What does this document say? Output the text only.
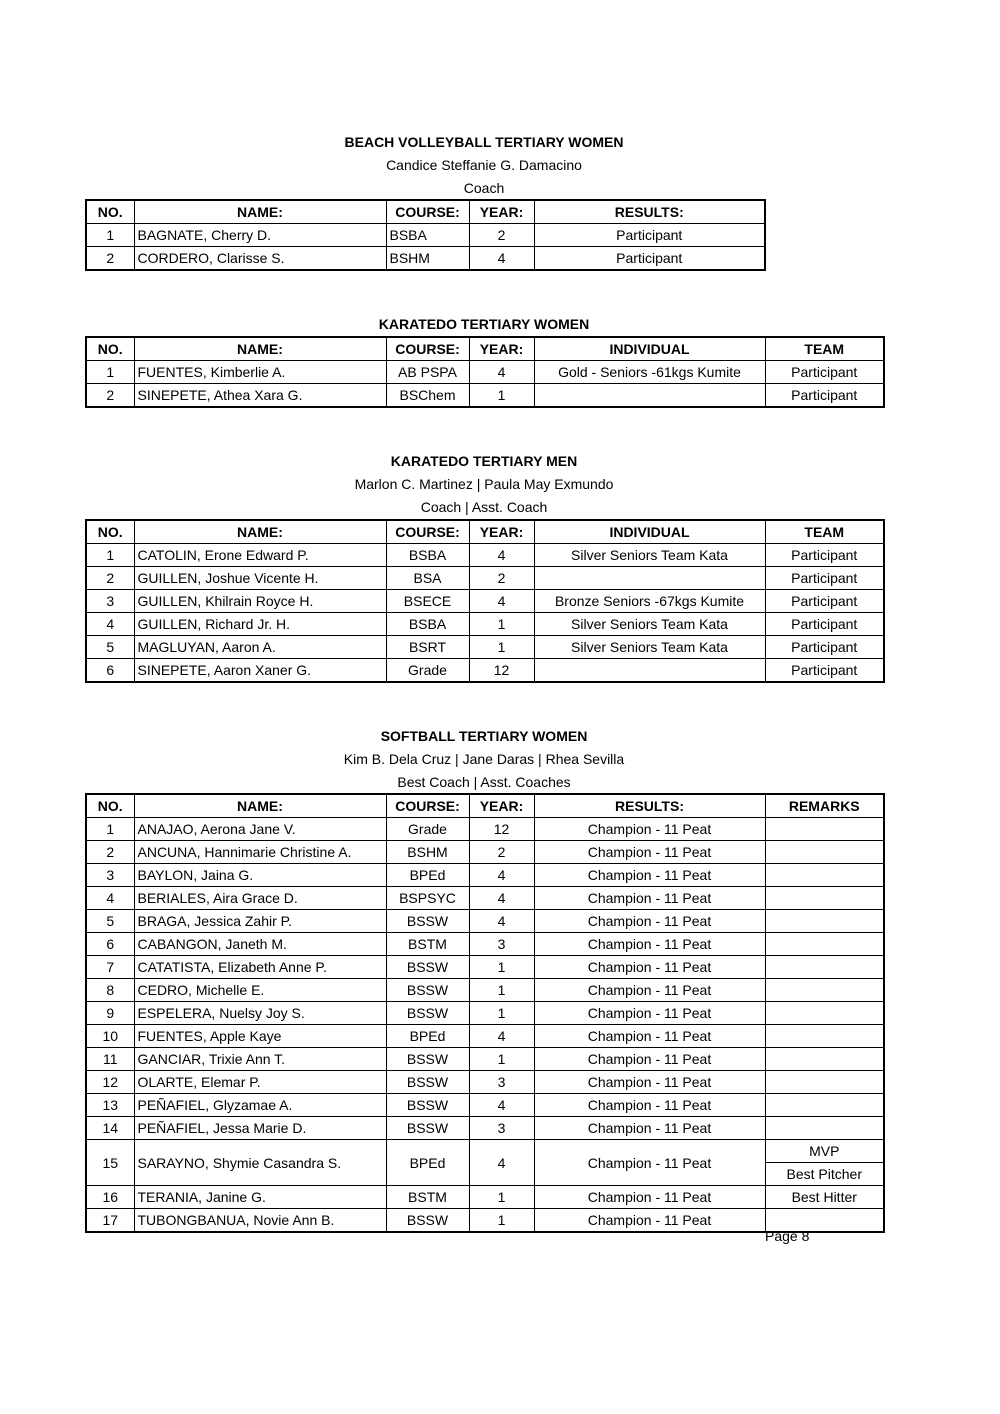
BEACH VOLLEYBALL TERTIARY WOMEN
Candice Steffanie G. Damacino
Coach
NO.	NAME:	COURSE:	YEAR:	RESULTS:
1	BAGNATE, Cherry D.	BSBA	2	Participant
2	CORDERO, Clarisse S.	BSHM	4	Participant
KARATEDO TERTIARY WOMEN
NO.	NAME:	COURSE:	YEAR:	INDIVIDUAL	TEAM
1	FUENTES, Kimberlie A.	AB PSPA	4	Gold - Seniors -61kgs Kumite	Participant
2	SINEPETE, Athea Xara G.	BSChem	1		Participant
KARATEDO TERTIARY MEN
Marlon C. Martinez | Paula May Exmundo
Coach | Asst. Coach
NO.	NAME:	COURSE:	YEAR:	INDIVIDUAL	TEAM
1	CATOLIN, Erone Edward P.	BSBA	4	Silver Seniors Team Kata	Participant
2	GUILLEN, Joshue Vicente H.	BSA	2		Participant
3	GUILLEN, Khilrain Royce H.	BSECE	4	Bronze Seniors -67kgs Kumite	Participant
4	GUILLEN, Richard Jr. H.	BSBA	1	Silver Seniors Team Kata	Participant
5	MAGLUYAN, Aaron A.	BSRT	1	Silver Seniors Team Kata	Participant
6	SINEPETE, Aaron Xaner G.	Grade	12		Participant
SOFTBALL TERTIARY WOMEN
Kim B. Dela Cruz | Jane Daras | Rhea Sevilla
Best Coach | Asst. Coaches
NO.	NAME:	COURSE:	YEAR:	RESULTS:	REMARKS
1	ANAJAO, Aerona Jane V.	Grade	12	Champion - 11 Peat	
2	ANCUNA, Hannimarie Christine A.	BSHM	2	Champion - 11 Peat	
3	BAYLON, Jaina G.	BPEd	4	Champion - 11 Peat	
4	BERIALES, Aira Grace D.	BSPSYC	4	Champion - 11 Peat	
5	BRAGA, Jessica Zahir P.	BSSW	4	Champion - 11 Peat	
6	CABANGON, Janeth M.	BSTM	3	Champion - 11 Peat	
7	CATATISTA, Elizabeth Anne P.	BSSW	1	Champion - 11 Peat	
8	CEDRO, Michelle E.	BSSW	1	Champion - 11 Peat	
9	ESPELERA, Nuelsy Joy S.	BSSW	1	Champion - 11 Peat	
10	FUENTES, Apple Kaye	BPEd	4	Champion - 11 Peat	
11	GANCIAR, Trixie Ann T.	BSSW	1	Champion - 11 Peat	
12	OLARTE, Elemar P.	BSSW	3	Champion - 11 Peat	
13	PEÑAFIEL, Glyzamae A.	BSSW	4	Champion - 11 Peat	
14	PEÑAFIEL, Jessa Marie D.	BSSW	3	Champion - 11 Peat	
15	SARAYNO, Shymie Casandra S.	BPEd	4	Champion - 11 Peat	MVP
					Best Pitcher
16	TERANIA, Janine G.	BSTM	1	Champion - 11 Peat	Best Hitter
17	TUBONGBANUA, Novie Ann B.	BSSW	1	Champion - 11 Peat	
Page 8
